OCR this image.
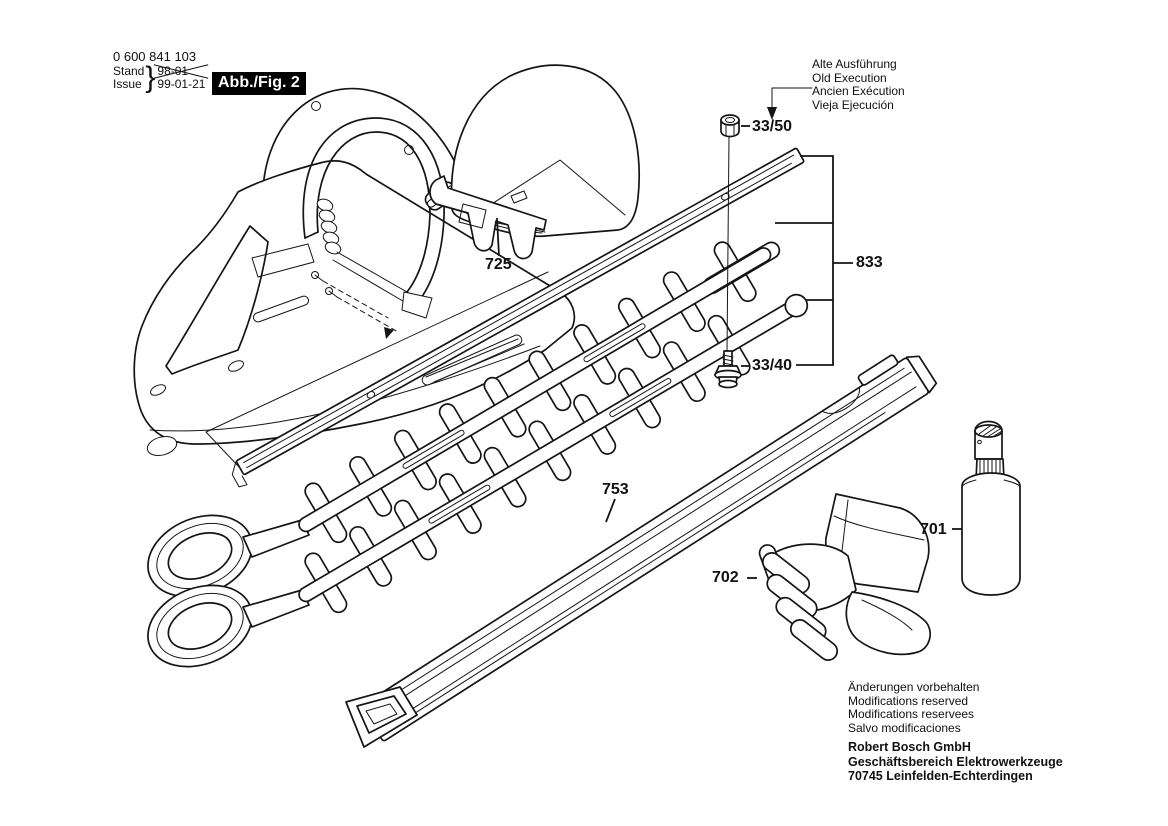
0 600 841 103
Stand
Issue } 98-01
99-01-21 Abb./Fig. 2
Alte Ausführung
Old Execution
Ancien Exécution
Vieja Ejecución
725
33/50
33/40
833
753
702
701
Änderungen vorbehalten
Modifications reserved
Modifications reservees
Salvo modificaciones
Robert Bosch GmbH
Geschäftsbereich Elektrowerkzeuge
70745 Leinfelden-Echterdingen
